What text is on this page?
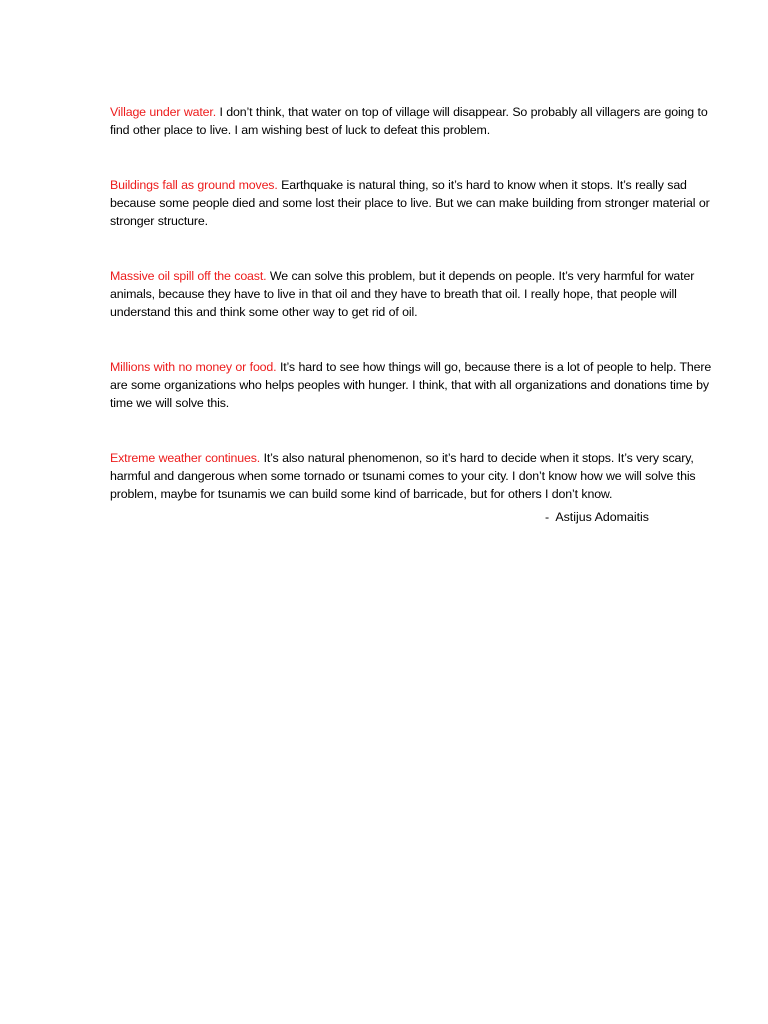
Village under water. I don’t think, that water on top of village will disappear. So probably all villagers are going to find other place to live. I am wishing best of luck to defeat this problem.

Buildings fall as ground moves. Earthquake is natural thing, so it’s hard to know when it stops. It’s really sad because some people died and some lost their place to live. But we can make building from stronger material or stronger structure.

Massive oil spill off the coast. We can solve this problem, but it depends on people. It’s very harmful for water animals, because they have to live in that oil and they have to breath that oil. I really hope, that people will understand this and think some other way to get rid of oil.

Millions with no money or food. It’s hard to see how things will go, because there is a lot of people to help. There are some organizations who helps peoples with hunger. I think, that with all organizations and donations time by time we will solve this.

Extreme weather continues. It’s also natural phenomenon, so it’s hard to decide when it stops. It’s very scary, harmful and dangerous when some tornado or tsunami comes to your city. I don’t know how we will solve this problem, maybe for tsunamis we can build some kind of barricade, but for others I don’t know.

-  Astijus Adomaitis
